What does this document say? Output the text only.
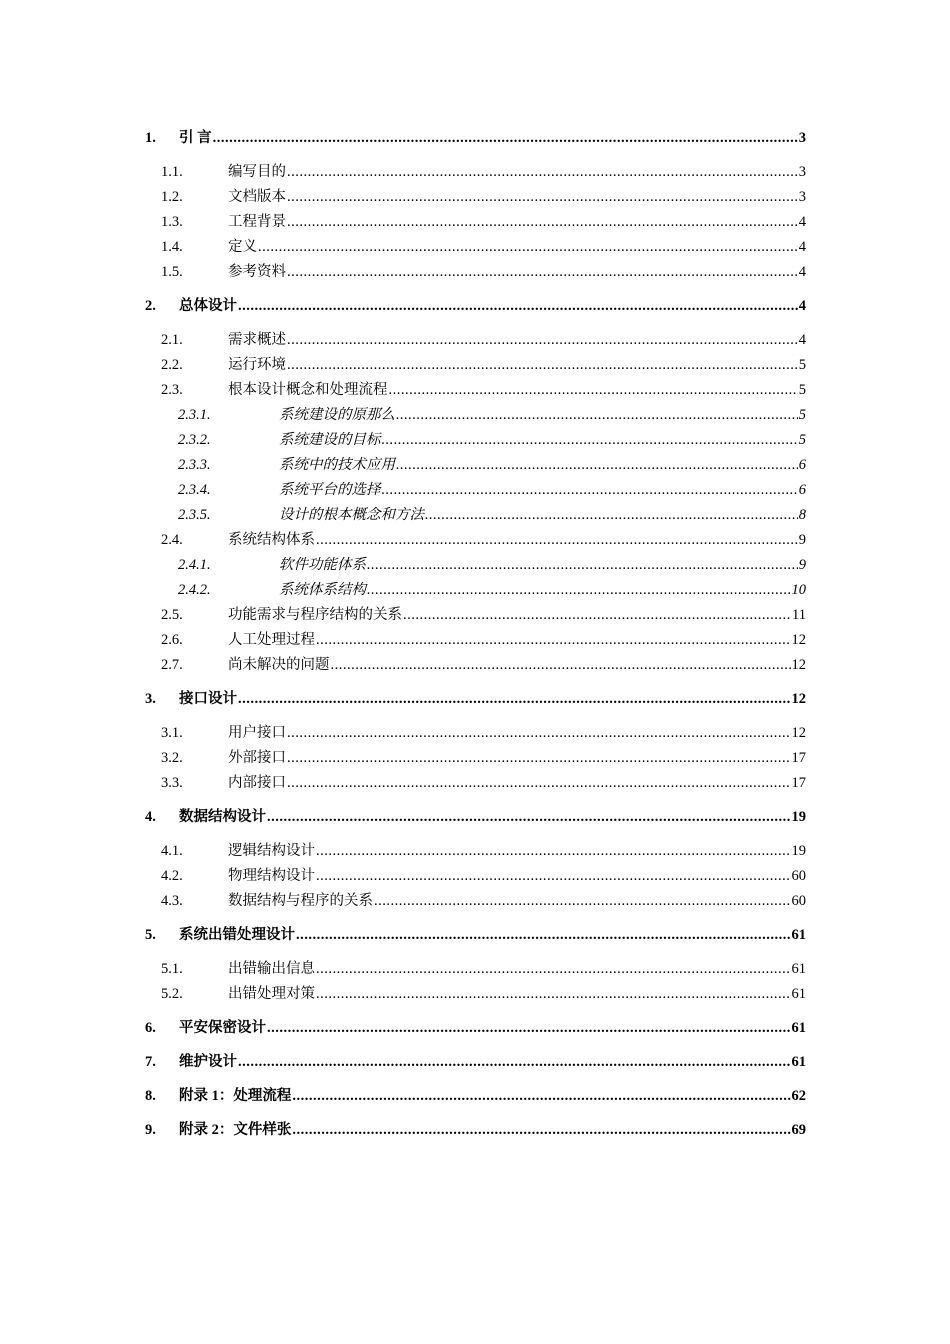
1.	引 言 .....	3
1.1.	编写目的 .....	3
1.2.	文档版本 .....	3
1.3.	工程背景 .....	4
1.4.	定义 .....	4
1.5.	参考资料 .....	4
2.	总体设计 .....	4
2.1.	需求概述 .....	4
2.2.	运行环境 .....	5
2.3.	根本设计概念和处理流程 .....	5
2.3.1.	系统建设的原那么 .....	5
2.3.2.	系统建设的目标 .....	5
2.3.3.	系统中的技术应用 .....	6
2.3.4.	系统平台的选择 .....	6
2.3.5.	设计的根本概念和方法 .....	8
2.4.	系统结构体系 .....	9
2.4.1.	软件功能体系 .....	9
2.4.2.	系统体系结构 .....	10
2.5.	功能需求与程序结构的关系 .....	11
2.6.	人工处理过程 .....	12
2.7.	尚未解决的问题 .....	12
3.	接口设计 .....	12
3.1.	用户接口 .....	12
3.2.	外部接口 .....	17
3.3.	内部接口 .....	17
4.	数据结构设计 .....	19
4.1.	逻辑结构设计 .....	19
4.2.	物理结构设计 .....	60
4.3.	数据结构与程序的关系 .....	60
5.	系统出错处理设计 .....	61
5.1.	出错输出信息 .....	61
5.2.	出错处理对策 .....	61
6.	平安保密设计 .....	61
7.	维护设计 .....	61
8.	附录 1：处理流程 .....	62
9.	附录 2：文件样张 .....	69
